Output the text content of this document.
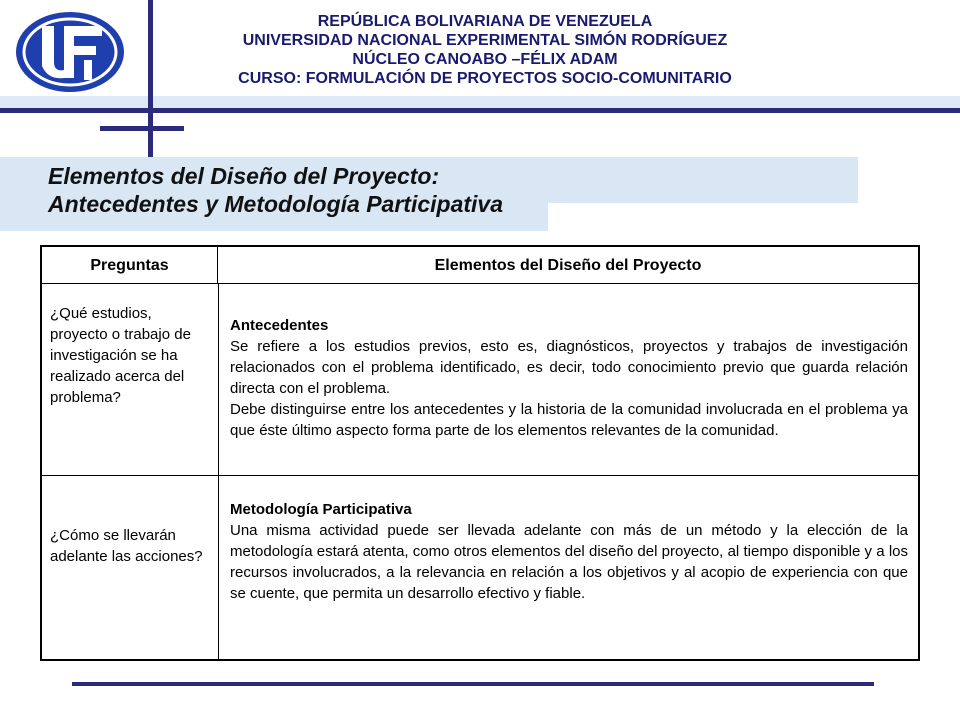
REPÚBLICA BOLIVARIANA DE VENEZUELA
UNIVERSIDAD NACIONAL EXPERIMENTAL SIMÓN RODRÍGUEZ
NÚCLEO CANOABO –FÉLIX ADAM
CURSO: FORMULACIÓN DE PROYECTOS SOCIO-COMUNITARIO
Elementos del Diseño del Proyecto:
Antecedentes y Metodología Participativa
Preguntas	Elementos del Diseño del Proyecto
¿Qué estudios, proyecto o trabajo de investigación se ha realizado acerca del problema?

Antecedentes

Se refiere a los estudios previos, esto es, diagnósticos, proyectos y trabajos de investigación relacionados con el problema identificado, es decir, todo conocimiento previo que guarda relación directa con el problema.

Debe distinguirse entre los antecedentes y la historia de la comunidad involucrada en el problema ya que éste último aspecto forma parte de los elementos relevantes de la comunidad.

¿Cómo se llevarán adelante las acciones?

Metodología Participativa

Una misma actividad puede ser llevada adelante con más de un método y la elección de la metodología estará atenta, como otros elementos del diseño del proyecto, al tiempo disponible y a los recursos involucrados, a la relevancia en relación a los objetivos y al acopio de experiencia con que se cuente, que permita un desarrollo efectivo y fiable.
